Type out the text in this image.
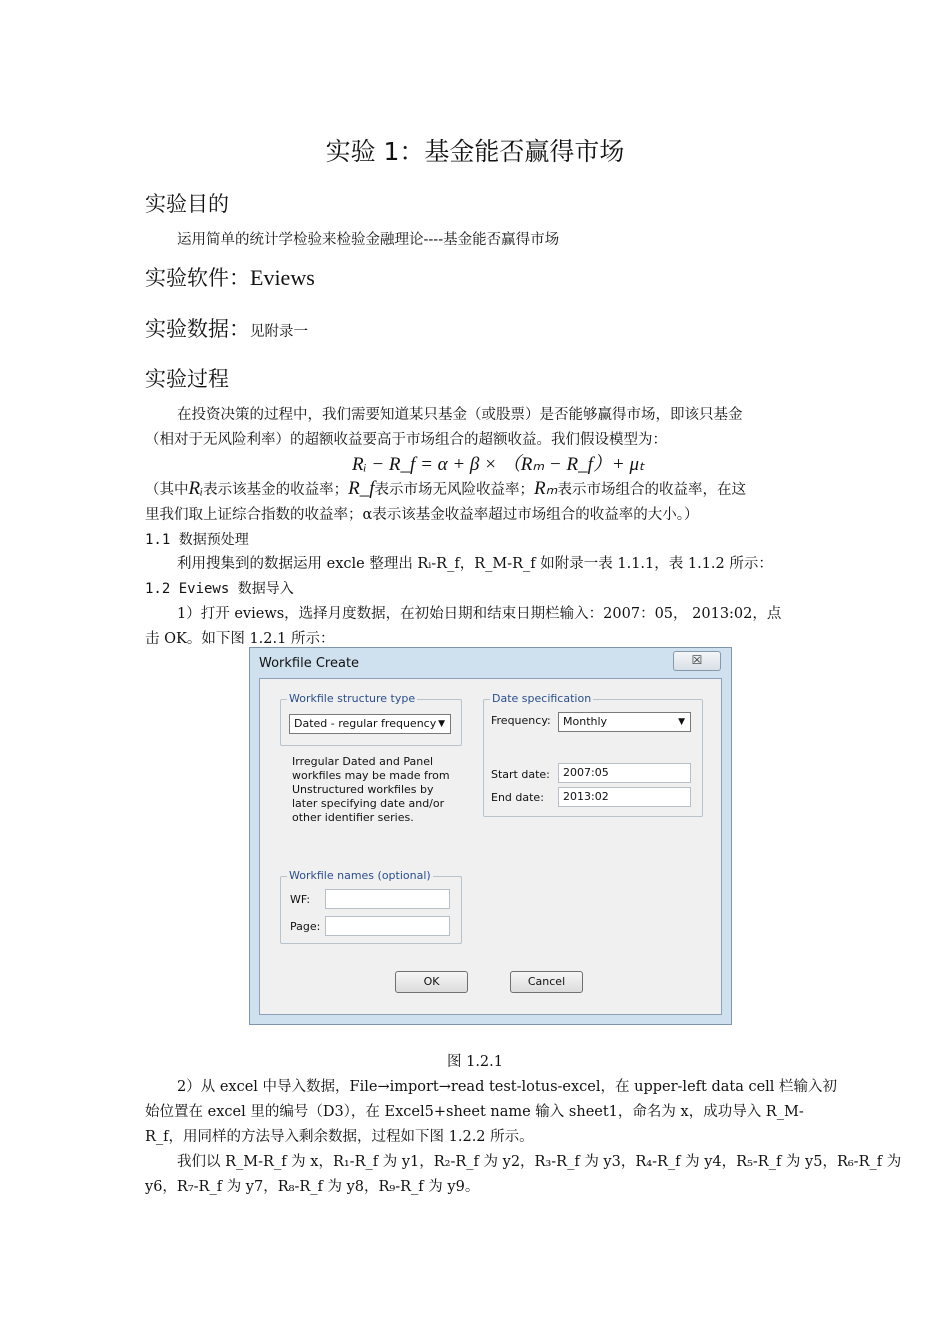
实验 1：基金能否赢得市场
实验目的
运用简单的统计学检验来检验金融理论----基金能否赢得市场
实验软件：Eviews
实验数据：见附录一
实验过程
在投资决策的过程中，我们需要知道某只基金（或股票）是否能够赢得市场，即该只基金
（相对于无风险利率）的超额收益要高于市场组合的超额收益。我们假设模型为：
Rᵢ − R_f = α + β × （Rₘ − R_f）+ μₜ
（其中Rᵢ表示该基金的收益率；R_f表示市场无风险收益率；Rₘ表示市场组合的收益率，在这
里我们取上证综合指数的收益率；α表示该基金收益率超过市场组合的收益率的大小。）
1.1 数据预处理
利用搜集到的数据运用 excle 整理出 Rᵢ-R_f，R_M-R_f 如附录一表 1.1.1，表 1.1.2 所示：
1.2 Eviews 数据导入
1）打开 eviews，选择月度数据，在初始日期和结束日期栏输入：2007：05， 2013:02，点
击 OK。如下图 1.2.1 所示：
Workfile Create	☒
Workfile structure type
Dated - regular frequency ▼
Irregular Dated and Panel workfiles may be made from Unstructured workfiles by later specifying date and/or other identifier series.
Date specification
Frequency:	Monthly	▼
Start date:	2007:05
End date:	2013:02
Workfile names (optional)
WF:
Page:
OK	Cancel
图 1.2.1
2）从 excel 中导入数据，File→import→read test-lotus-excel，在 upper-left data cell 栏输入初
始位置在 excel 里的编号（D3），在 Excel5+sheet name 输入 sheet1，命名为 x，成功导入 R_M-
R_f，用同样的方法导入剩余数据，过程如下图 1.2.2 所示。
我们以 R_M-R_f 为 x，R₁-R_f 为 y1，R₂-R_f 为 y2，R₃-R_f 为 y3，R₄-R_f 为 y4，R₅-R_f 为 y5，R₆-R_f 为
y6，R₇-R_f 为 y7，R₈-R_f 为 y8，R₉-R_f 为 y9。
